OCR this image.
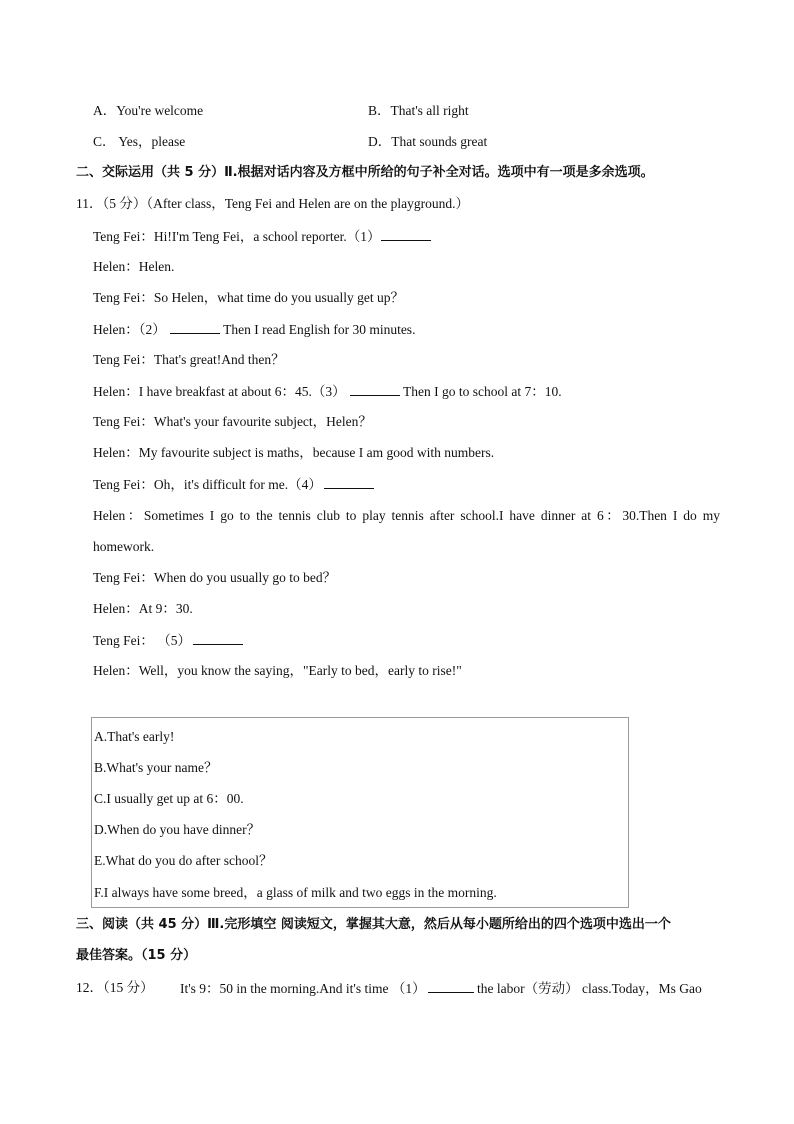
A．You're welcome	B．That's all right
C． Yes，please	D．That sounds great
二、交际运用（共 5 分）Ⅱ.根据对话内容及方框中所给的句子补全对话。选项中有一项是多余选项。
11．（5 分）（After class，Teng Fei and Helen are on the playground.）
Teng Fei：Hi!I'm Teng Fei，a school reporter.（1）
Helen：Helen.
Teng Fei：So Helen，what time do you usually get up？
Helen：（2）	Then I read English for 30 minutes.
Teng Fei：That's great!And then？
Helen：I have breakfast at about 6：45.（3）	Then I go to school at 7：10.
Teng Fei：What's your favourite subject，Helen？
Helen：My favourite subject is maths，because I am good with numbers.
Teng Fei：Oh，it's difficult for me.（4）
Helen：Sometimes I go to the tennis club to play tennis after school.I have dinner at 6：30.Then I do my
homework.
Teng Fei：When do you usually go to bed？
Helen：At 9：30.
Teng Fei： （5）
Helen：Well，you know the saying，"Early to bed，early to rise!"
A.That's early!
B.What's your name？
C.I usually get up at 6：00.
D.When do you have dinner？
E.What do you do after school？
F.I always have some breed，a glass of milk and two eggs in the morning.
三、阅读（共 45 分）Ⅲ.完形填空 阅读短文，掌握其大意，然后从每小题所给出的四个选项中选出一个
最佳答案。（15 分）
12．（15 分） It's 9：50 in the morning.And it's time （1）	the labor（劳动） class.Today，Ms Gao
